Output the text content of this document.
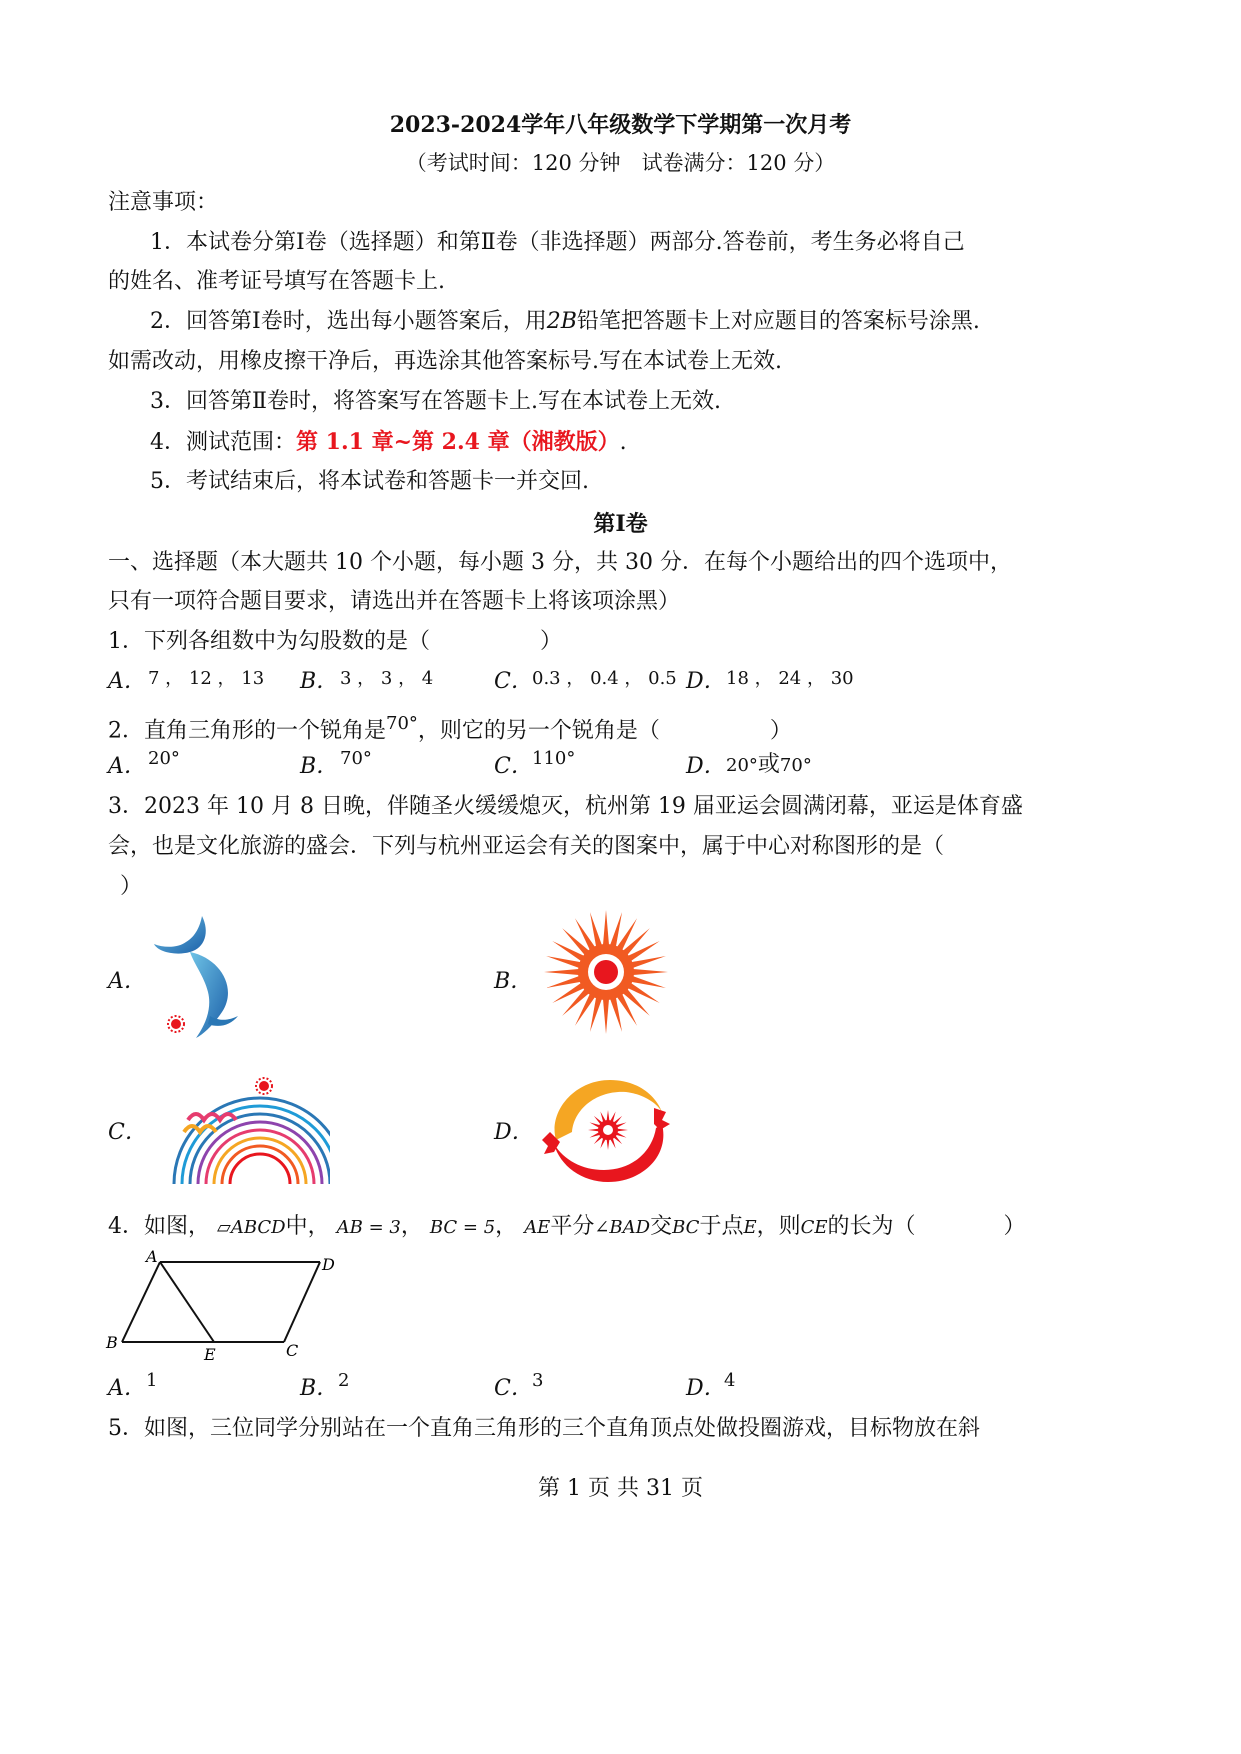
2023-2024学年八年级数学下学期第一次月考
（考试时间：120 分钟　试卷满分：120 分）
注意事项：
1．本试卷分第Ⅰ卷（选择题）和第Ⅱ卷（非选择题）两部分.答卷前，考生务必将自己
的姓名、准考证号填写在答题卡上.
2．回答第Ⅰ卷时，选出每小题答案后，用2B铅笔把答题卡上对应题目的答案标号涂黑.
如需改动，用橡皮擦干净后，再选涂其他答案标号.写在本试卷上无效.
3．回答第Ⅱ卷时，将答案写在答题卡上.写在本试卷上无效.
4．测试范围：第 1.1 章~第 2.4 章（湘教版）.
5．考试结束后，将本试卷和答题卡一并交回.
第Ⅰ卷
一、选择题（本大题共 10 个小题，每小题 3 分，共 30 分．在每个小题给出的四个选项中，
只有一项符合题目要求，请选出并在答题卡上将该项涂黑）
1．下列各组数中为勾股数的是（　　　　　）
A． 7 ， 12 ， 13 B． 3 ， 3 ， 4	C． 0.3 ， 0.4 ， 0.5 D． 18 ， 24 ， 30
2．直角三角形的一个锐角是$^{70^\circ}$，则它的另一个锐角是（　　　　　）
A． 20°	B． 70°	C． 110°	D． 20°或70°
3．2023 年 10 月 8 日晚，伴随圣火缓缓熄灭，杭州第 19 届亚运会圆满闭幕，亚运是体育盛
会，也是文化旅游的盛会．下列与杭州亚运会有关的图案中，属于中心对称图形的是（
）
A．	B．
C．	D．
4．如图， ▱ABCD中， AB = 3， BC = 5， AE平分∠BAD交BC于点E，则CE的长为（　　　　）
A	D
B
E	C
A． 1	B． 2	C． 3	D．
4
5．如图，三位同学分别站在一个直角三角形的三个直角顶点处做投圈游戏，目标物放在斜
第 1 页 共 31 页
